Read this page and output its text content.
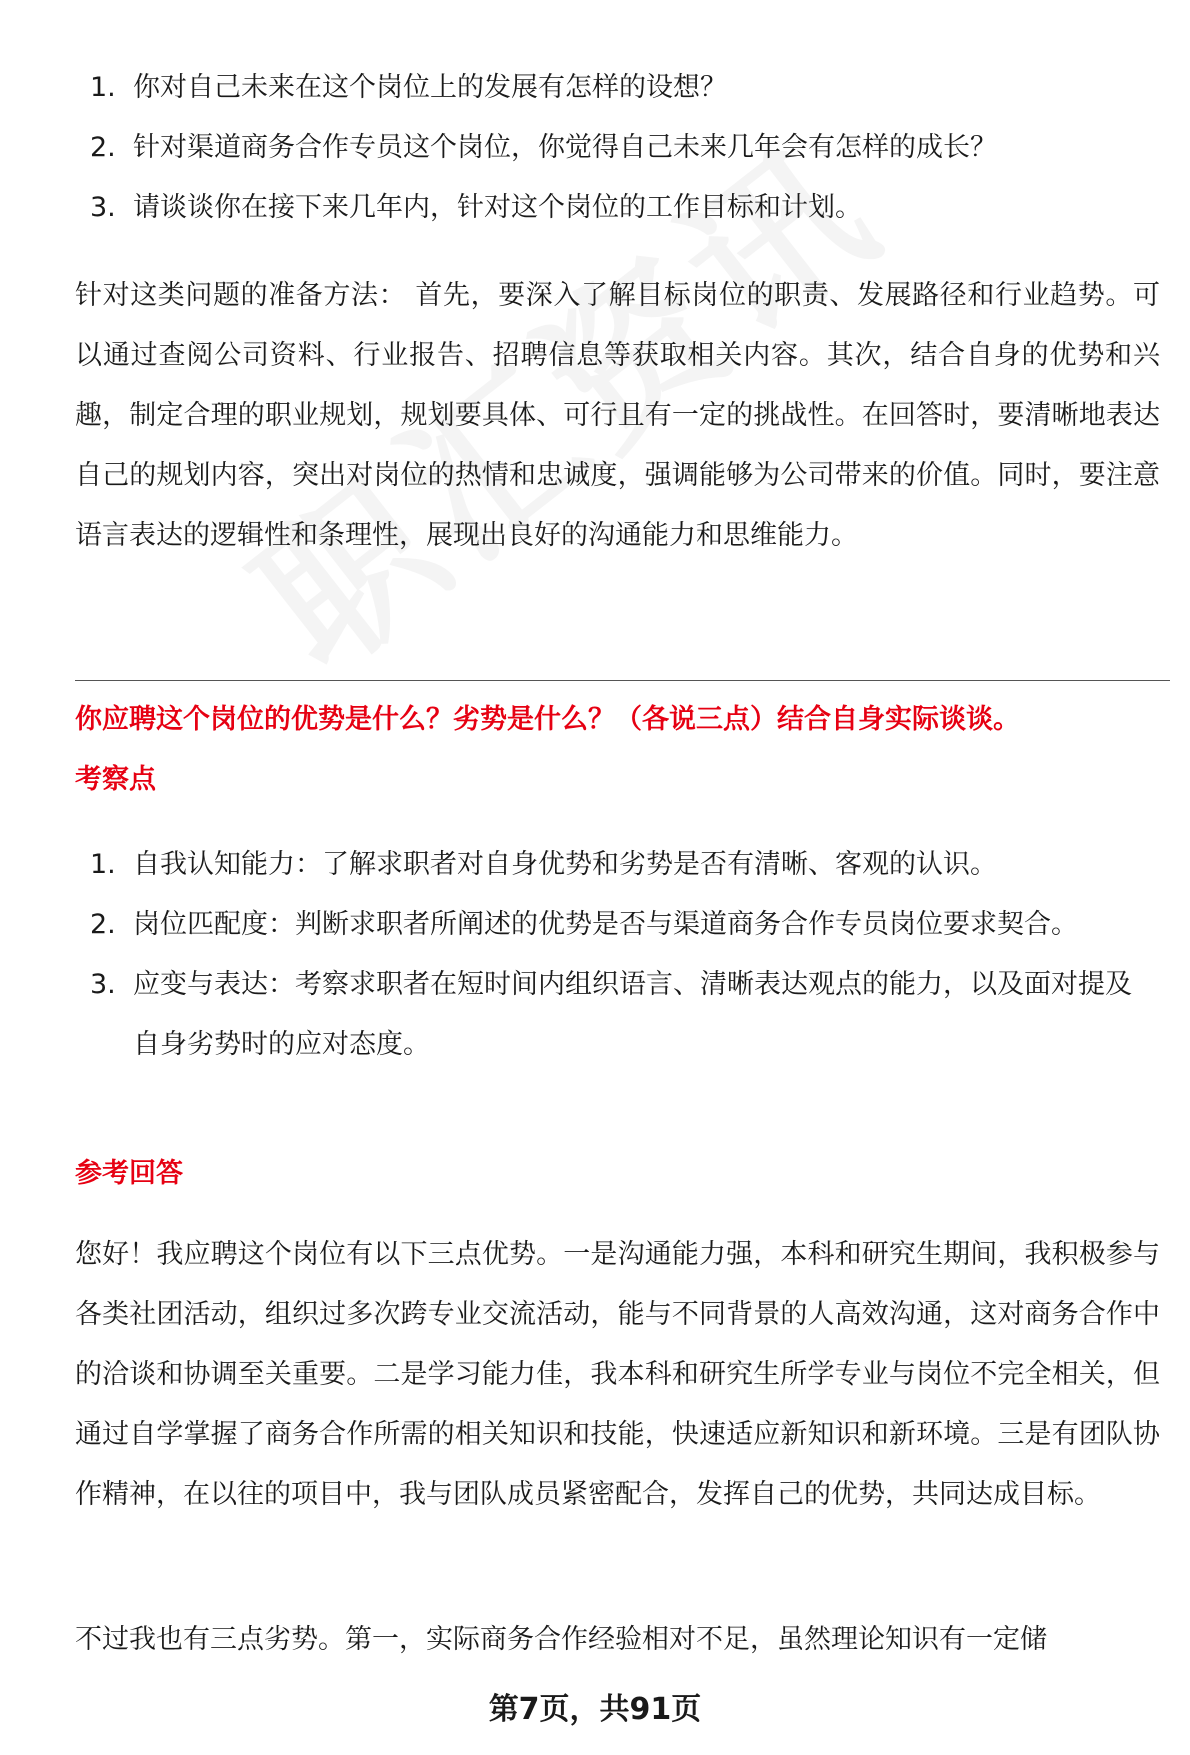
1. 你对自己未来在这个岗位上的发展有怎样的设想？
2. 针对渠道商务合作专员这个岗位，你觉得自己未来几年会有怎样的成长？
3. 请谈谈你在接下来几年内，针对这个岗位的工作目标和计划。

针对这类问题的准备方法： 首先，要深入了解目标岗位的职责、发展路径和行业趋势。可以通过查阅公司资料、行业报告、招聘信息等获取相关内容。其次，结合自身的优势和兴趣，制定合理的职业规划，规划要具体、可行且有一定的挑战性。在回答时，要清晰地表达自己的规划内容，突出对岗位的热情和忠诚度，强调能够为公司带来的价值。同时，要注意语言表达的逻辑性和条理性，展现出良好的沟通能力和思维能力。

你应聘这个岗位的优势是什么？劣势是什么？（各说三点）结合自身实际谈谈。

考察点

1. 自我认知能力：了解求职者对自身优势和劣势是否有清晰、客观的认识。
2. 岗位匹配度：判断求职者所阐述的优势是否与渠道商务合作专员岗位要求契合。
3. 应变与表达：考察求职者在短时间内组织语言、清晰表达观点的能力，以及面对提及自身劣势时的应对态度。

参考回答

您好！我应聘这个岗位有以下三点优势。一是沟通能力强，本科和研究生期间，我积极参与各类社团活动，组织过多次跨专业交流活动，能与不同背景的人高效沟通，这对商务合作中的洽谈和协调至关重要。二是学习能力佳，我本科和研究生所学专业与岗位不完全相关，但通过自学掌握了商务合作所需的相关知识和技能，快速适应新知识和新环境。三是有团队协作精神，在以往的项目中，我与团队成员紧密配合，发挥自己的优势，共同达成目标。

不过我也有三点劣势。第一，实际商务合作经验相对不足，虽然理论知识有一定储

第7页，共91页
